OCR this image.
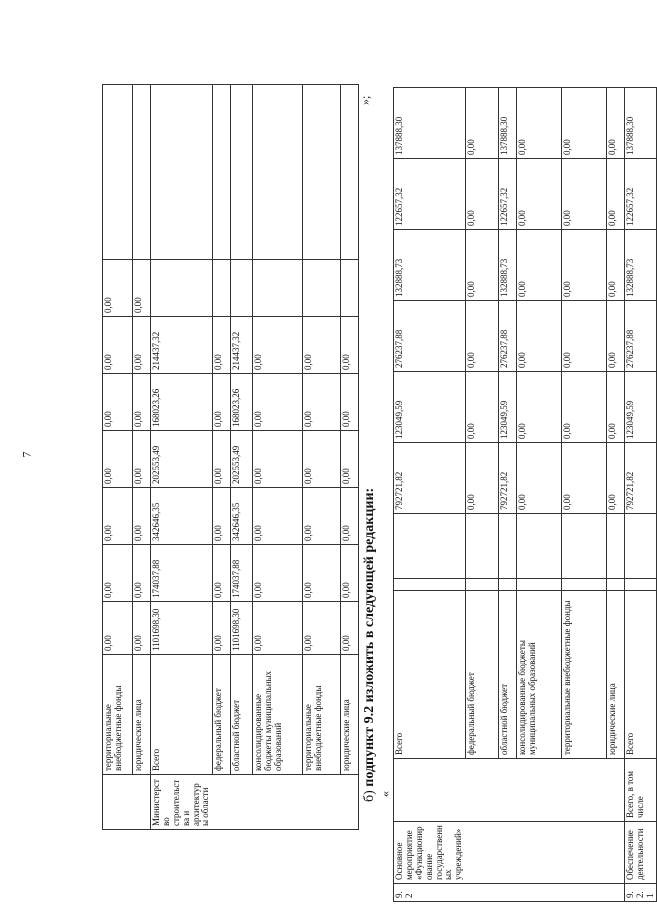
7
	территориальные внебюджетные фонды	0,00	0,00	0,00	0,00	0,00	0,00	0,00	
	юридические лица	0,00	0,00	0,00	0,00	0,00	0,00	0,00	
Министерство строительства и архитектуры области	Всего	1101698,30	174037,88	342646,35	202553,49	168023,26	214437,32		
	федеральный бюджет	0,00	0,00	0,00	0,00	0,00	0,00		
	областной бюджет	1101698,30	174037,88	342646,35	202553,49	168023,26	214437,32		
	консолидированные бюджеты муниципальных образований	0,00	0,00	0,00	0,00	0,00	0,00		
	территориальные внебюджетные фонды	0,00	0,00	0,00	0,00	0,00	0,00		
	юридические лица	0,00	0,00	0,00	0,00	0,00	0,00		
б) подпункт 9.2 изложить в следующей редакции:
«
»;
9.2	Основное мероприятие «Функционирование государственных учреждений»		Всего			792721,82	123049,59	276237,88	132888,73	122657,32	137888,30
			федеральный бюджет			0,00	0,00	0,00	0,00	0,00	0,00
			областной бюджет			792721,82	123049,59	276237,88	132888,73	122657,32	137888,30
			консолидированные бюджеты муниципальных образований			0,00	0,00	0,00	0,00	0,00	0,00
			территориальные внебюджетные фонды			0,00	0,00	0,00	0,00	0,00	0,00
			юридические лица			0,00	0,00	0,00	0,00	0,00	0,00
9.2.1	Обеспечение деятельности	Всего, в том числе	Всего			792721,82	123049,59	276237,88	132888,73	122657,32	137888,30
